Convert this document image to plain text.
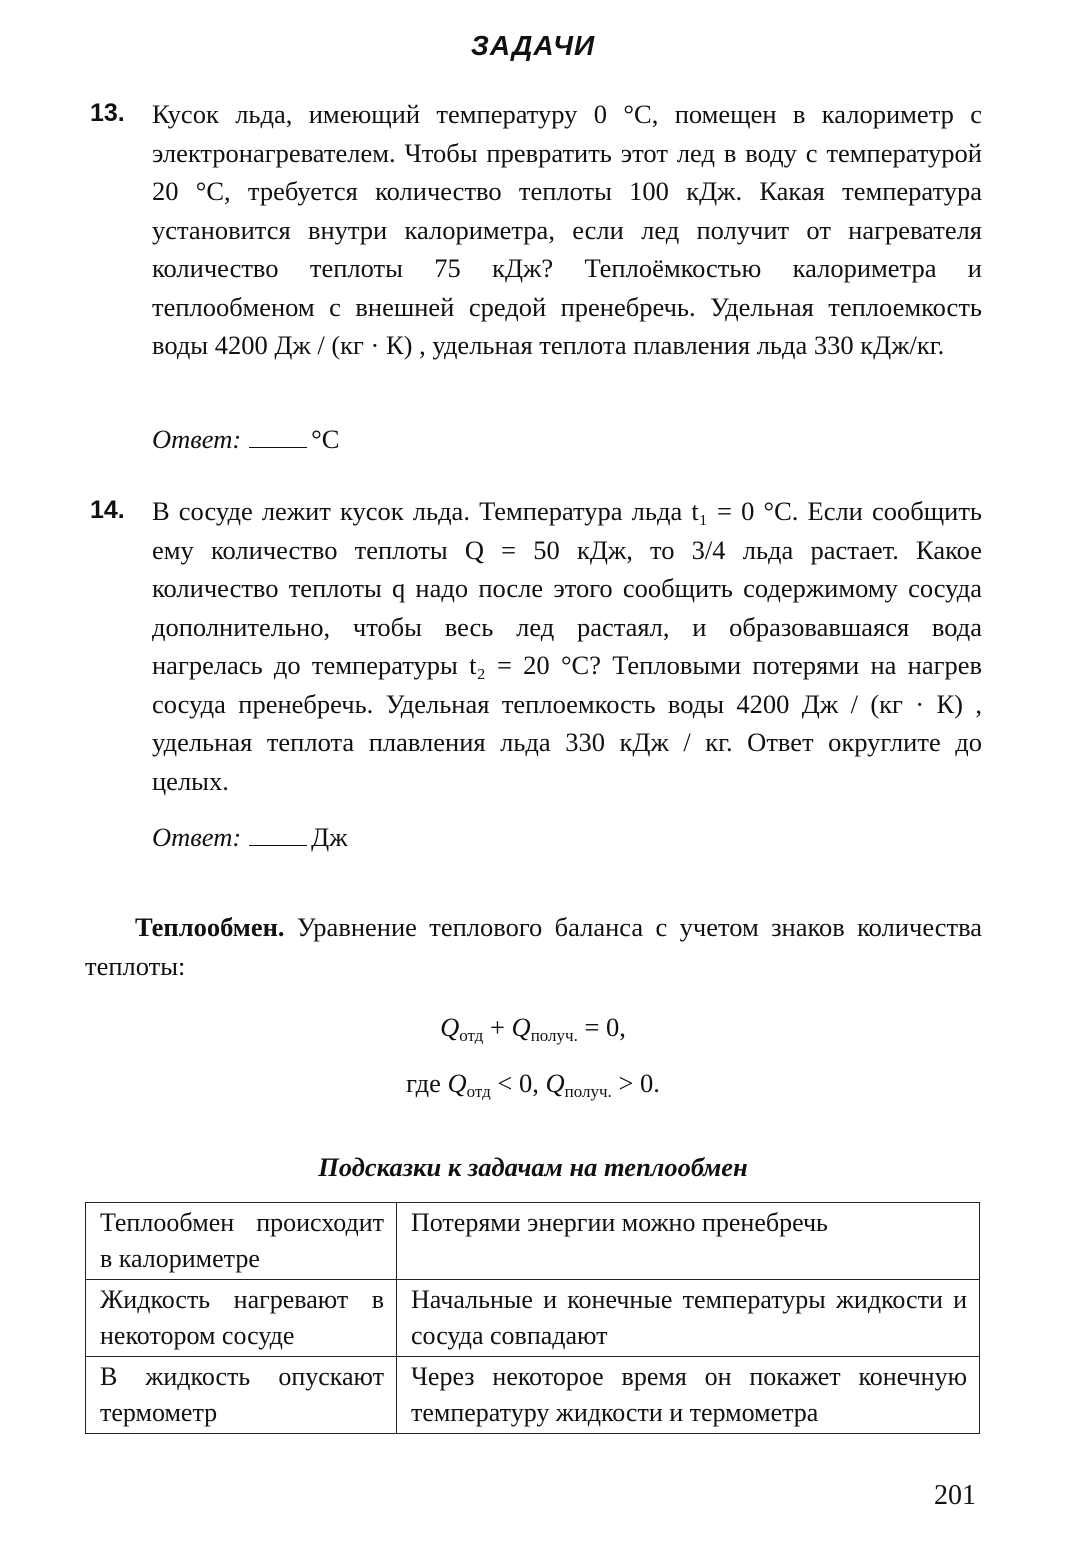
ЗАДАЧИ
13. Кусок льда, имеющий температуру 0 °С, помещен в калориметр с электронагревателем. Чтобы превратить этот лед в воду с температурой 20 °С, требуется количество теплоты 100 кДж. Какая температура установится внутри калориметра, если лед получит от нагревателя количество теплоты 75 кДж? Теплоёмкостью калориметра и теплообменом с внешней средой пренебречь. Удельная теплоемкость воды 4200 Дж / (кг · К) , удельная теплота плавления льда 330 кДж/кг.
Ответ:	°С
14. В сосуде лежит кусок льда. Температура льда t₁ = 0 °С. Если сообщить ему количество теплоты Q = 50 кДж, то 3/4 льда растает. Какое количество теплоты q надо после этого сообщить содержимому сосуда дополнительно, чтобы весь лед растаял, и образовавшаяся вода нагрелась до температуры t₂ = 20 °С? Тепловыми потерями на нагрев сосуда пренебречь. Удельная теплоемкость воды 4200 Дж / (кг · К) , удельная теплота плавления льда 330 кДж / кг. Ответ округлите до целых.
Ответ:	Дж
Теплообмен. Уравнение теплового баланса с учетом знаков количества теплоты:
$Q_{отд} + Q_{получ.} = 0$,
где $Q_{отд} < 0$, $Q_{получ.} > 0$.
Подсказки к задачам на теплообмен
Теплообмен происходит в калориметре	Потерями энергии можно пренебречь
Жидкость нагревают в некотором сосуде	Начальные и конечные температуры жидкости и сосуда совпадают
В жидкость опускают термометр	Через некоторое время он покажет конечную температуру жидкости и термометра
201
